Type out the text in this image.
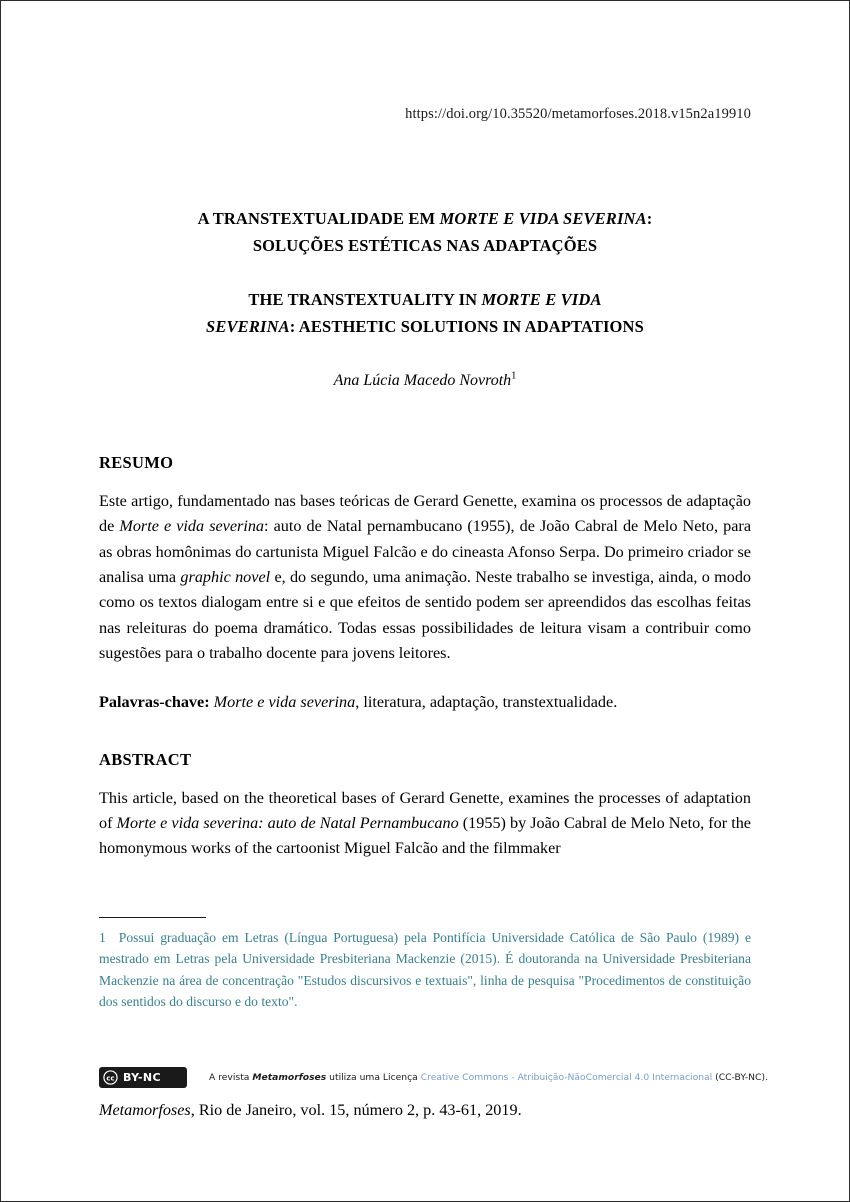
https://doi.org/10.35520/metamorfoses.2018.v15n2a19910
A TRANSTEXTUALIDADE EM MORTE E VIDA SEVERINA:
SOLUÇÕES ESTÉTICAS NAS ADAPTAÇÕES
THE TRANSTEXTUALITY IN MORTE E VIDA
SEVERINA: AESTHETIC SOLUTIONS IN ADAPTATIONS
Ana Lúcia Macedo Novroth$^1$
RESUMO
Este artigo, fundamentado nas bases teóricas de Gerard Genette, examina os processos de adaptação de Morte e vida severina: auto de Natal pernambucano (1955), de João Cabral de Melo Neto, para as obras homônimas do cartunista Miguel Falcão e do cineasta Afonso Serpa. Do primeiro criador se analisa uma graphic novel e, do segundo, uma animação. Neste trabalho se investiga, ainda, o modo como os textos dialogam entre si e que efeitos de sentido podem ser apreendidos das escolhas feitas nas releituras do poema dramático. Todas essas possibilidades de leitura visam a contribuir como sugestões para o trabalho docente para jovens leitores.
Palavras-chave: Morte e vida severina, literatura, adaptação, transtextualidade.
ABSTRACT
This article, based on the theoretical bases of Gerard Genette, examines the processes of adaptation of Morte e vida severina: auto de Natal Pernambucano (1955) by João Cabral de Melo Neto, for the homonymous works of the cartoonist Miguel Falcão and the filmmaker
1 Possui graduação em Letras (Língua Portuguesa) pela Pontifícia Universidade Católica de São Paulo (1989) e mestrado em Letras pela Universidade Presbiteriana Mackenzie (2015). É doutoranda na Universidade Presbiteriana Mackenzie na área de concentração "Estudos discursivos e textuais", linha de pesquisa "Procedimentos de constituição dos sentidos do discurso e do texto".
cc BY-NC	A revista Metamorfoses utiliza uma Licença Creative Commons - Atribuição-NãoComercial 4.0 Internacional (CC-BY-NC).
Metamorfoses, Rio de Janeiro, vol. 15, número 2, p. 43-61, 2019.
